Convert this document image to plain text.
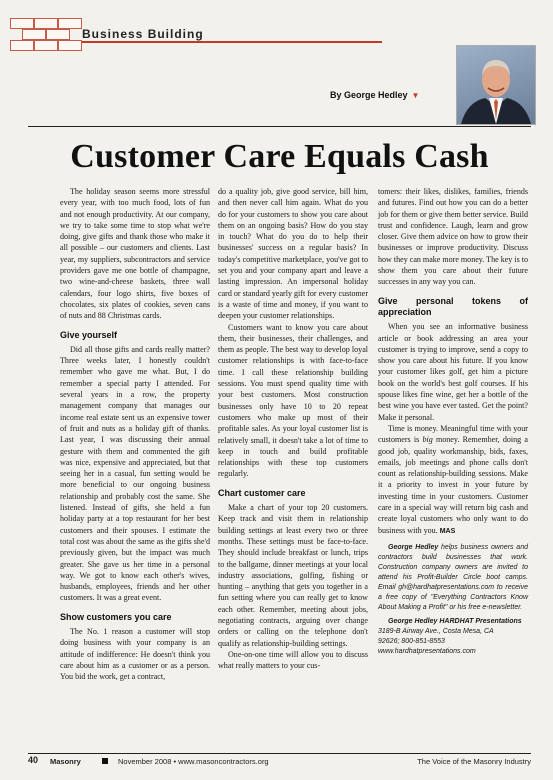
Business Building
By George Hedley ▼
Customer Care Equals Cash

The holiday season seems more stressful every year, with too much food, lots of fun and not enough productivity. At our company, we try to take some time to stop what we're doing, give gifts and thank those who make it all possible – our customers and clients. Last year, my suppliers, subcontractors and service providers gave me one bottle of champagne, two wine-and-cheese baskets, three wall calendars, four logo shirts, five boxes of chocolates, six plates of cookies, seven cans of nuts and 88 Christmas cards.

Give yourself

Did all those gifts and cards really matter? Three weeks later, I honestly couldn't remember who gave me what. But, I do remember a special party I attended. For several years in a row, the property management company that manages our income real estate sent us an expensive tower of fruit and nuts as a holiday gift of thanks. Last year, I was discussing their annual gesture with them and commented the gift was nice, expensive and appreciated, but that seeing her in a casual, fun setting would be more beneficial to our ongoing business relationship and probably cost the same. She listened. Instead of gifts, she held a fun holiday party at a top restaurant for her best customers and their spouses. I estimate the total cost was about the same as the gifts she'd previously given, but the impact was much greater. She gave us her time in a personal way. We got to know each other's wives, husbands, employees, friends and her other customers. It was a great event.

Show customers you care

The No. 1 reason a customer will stop doing business with your company is an attitude of indifference: He doesn't think you care about him as a customer or as a person. You bid the work, get a contract,

do a quality job, give good service, bill him, and then never call him again. What do you do for your customers to show you care about them on an ongoing basis? How do you stay in touch? What do you do to help their businesses' success on a regular basis? In today's competitive marketplace, you've got to set you and your company apart and leave a lasting impression. An impersonal holiday card or standard yearly gift for every customer is a waste of time and money, if you want to deepen your customer relationships.

Customers want to know you care about them, their businesses, their challenges, and them as people. The best way to develop loyal customer relationships is with face-to-face time. I call these relationship building sessions. You must spend quality time with your best customers. Most construction businesses only have 10 to 20 repeat customers who make up most of their profitable sales. As your loyal customer list is relatively small, it doesn't take a lot of time to keep in touch and build profitable relationships with these top customers regularly.

Chart customer care

Make a chart of your top 20 customers. Keep track and visit them in relationship building settings at least every two or three months. These settings must be face-to-face. They should include breakfast or lunch, trips to the ballgame, dinner meetings at your local industry associations, golfing, fishing or hunting – anything that gets you together in a fun setting where you can really get to know each other. Remember, meeting about jobs, negotiating contracts, arguing over change orders or calling on the telephone don't qualify as relationship-building settings.

One-on-one time will allow you to discuss what really matters to your cus-

tomers: their likes, dislikes, families, friends and futures. Find out how you can do a better job for them or give them better service. Build trust and confidence. Laugh, learn and grow closer. Give them advice on how to grow their businesses or improve productivity. Discuss how they can make more money. The key is to show them you care about their future successes in any way you can.

Give personal tokens of appreciation

When you see an informative business article or book addressing an area your customer is trying to improve, send a copy to show you care about his future. If you know your customer likes golf, get him a picture book on the world's best golf courses. If his spouse likes fine wine, get her a bottle of the best wine you have ever tasted. Get the point? Make it personal.

Time is money. Meaningful time with your customers is big money. Remember, doing a good job, quality workmanship, bids, faxes, emails, job meetings and phone calls don't count as relationship-building sessions. Make it a priority to invest in your future by investing time in your customers. Customer care in a special way will return big cash and create loyal customers who only want to do business with you. MAS

George Hedley helps business owners and contractors build businesses that work. Construction company owners are invited to attend his Profit-Builder Circle boot camps. Email gh@hardhatpresentations.com to receive a free copy of "Everything Contractors Know About Making a Profit" or his free e-newsletter.

George Hedley HARDHAT Presentations
3189-B Airway Ave., Costa Mesa, CA
92626; 800-851-8553
www.hardhatpresentations.com

40 Masonry	November 2008 • www.masoncontractors.org	The Voice of the Masonry Industry
